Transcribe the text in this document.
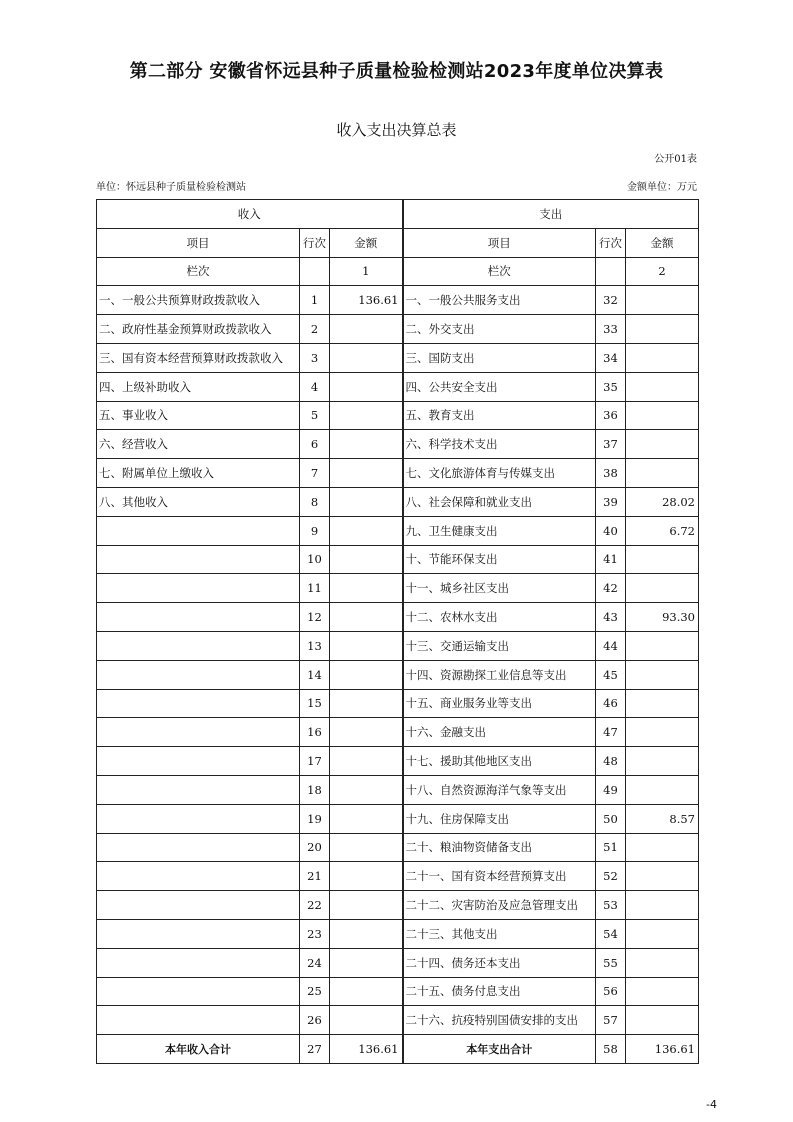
第二部分 安徽省怀远县种子质量检验检测站2023年度单位决算表
收入支出决算总表
公开01表
单位：怀远县种子质量检验检测站	金额单位：万元
收入			支出		
项目	行次	金额	项目	行次	金额
栏次		1	栏次		2
一、一般公共预算财政拨款收入	1	136.61	一、一般公共服务支出	32	
二、政府性基金预算财政拨款收入	2		二、外交支出	33	
三、国有资本经营预算财政拨款收入	3		三、国防支出	34	
四、上级补助收入	4		四、公共安全支出	35	
五、事业收入	5		五、教育支出	36	
六、经营收入	6		六、科学技术支出	37	
七、附属单位上缴收入	7		七、文化旅游体育与传媒支出	38	
八、其他收入	8		八、社会保障和就业支出	39	28.02
	9		九、卫生健康支出	40	6.72
	10		十、节能环保支出	41	
	11		十一、城乡社区支出	42	
	12		十二、农林水支出	43	93.30
	13		十三、交通运输支出	44	
	14		十四、资源勘探工业信息等支出	45	
	15		十五、商业服务业等支出	46	
	16		十六、金融支出	47	
	17		十七、援助其他地区支出	48	
	18		十八、自然资源海洋气象等支出	49	
	19		十九、住房保障支出	50	8.57
	20		二十、粮油物资储备支出	51	
	21		二十一、国有资本经营预算支出	52	
	22		二十二、灾害防治及应急管理支出	53	
	23		二十三、其他支出	54	
	24		二十四、债务还本支出	55	
	25		二十五、债务付息支出	56	
	26		二十六、抗疫特别国债安排的支出	57	
本年收入合计	27	136.61	本年支出合计	58	136.61
-4
